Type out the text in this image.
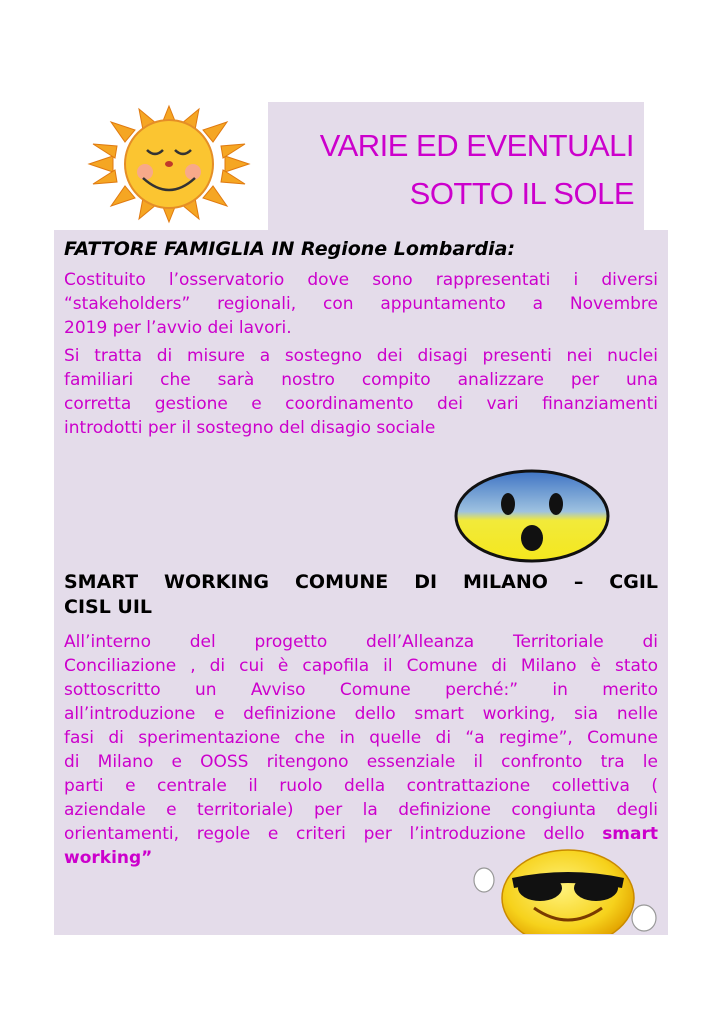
VARIE ED EVENTUALI
SOTTO IL SOLE
FATTORE FAMIGLIA IN Regione Lombardia:
Costituito l’osservatorio dove sono rappresentati i diversi
“stakeholders” regionali, con appuntamento a Novembre
2019 per l’avvio dei lavori.
Si tratta di misure a sostegno dei disagi presenti nei nuclei
familiari che sarà nostro compito analizzare per una
corretta gestione e coordinamento dei vari finanziamenti
introdotti per il sostegno del disagio sociale
SMART WORKING COMUNE DI MILANO – CGIL
CISL UIL
All’interno del progetto dell’Alleanza Territoriale di
Conciliazione , di cui è capofila il Comune di Milano è stato
sottoscritto un Avviso Comune perché:” in merito
all’introduzione e definizione dello smart working, sia nelle
fasi di sperimentazione che in quelle di “a regime”, Comune
di Milano e OOSS ritengono essenziale il confronto tra le
parti e centrale il ruolo della contrattazione collettiva (
aziendale e territoriale) per la definizione congiunta degli
orientamenti, regole e criteri per l’introduzione dello smart
working”
